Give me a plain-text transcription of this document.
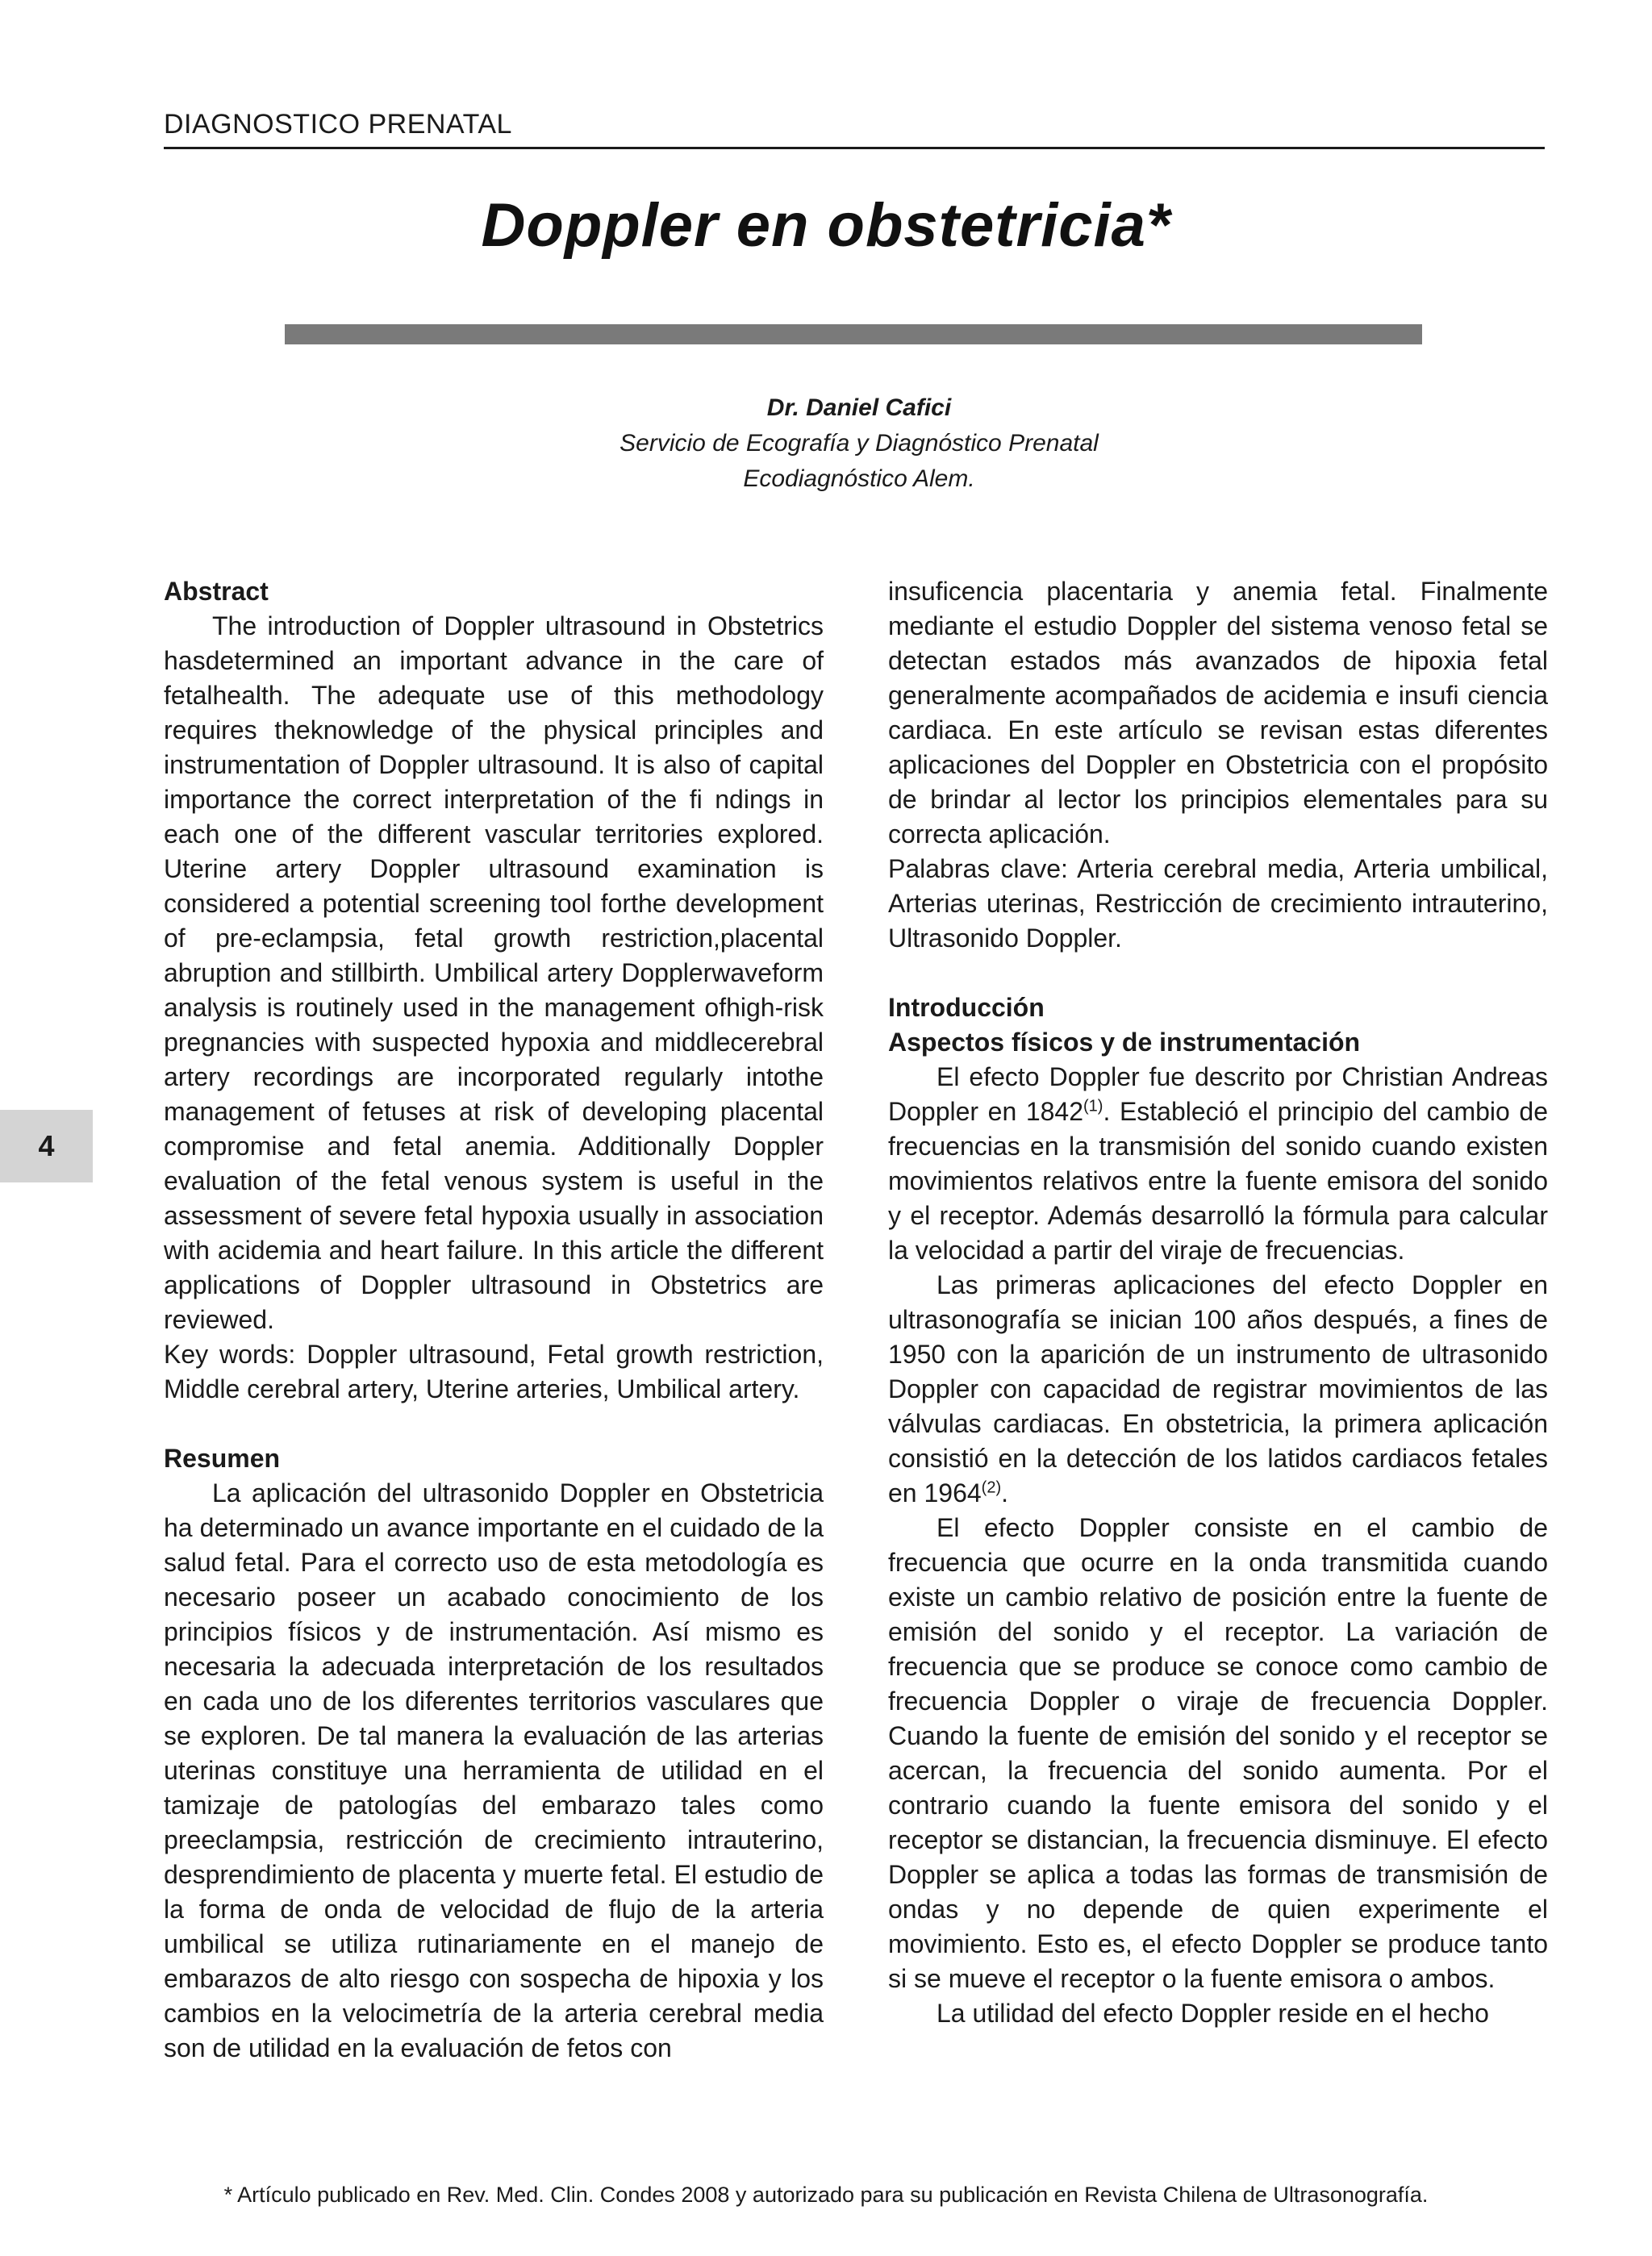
DIAGNOSTICO PRENATAL
Doppler en obstetricia*
Dr. Daniel Cafici
Servicio de Ecografía y Diagnóstico Prenatal
Ecodiagnóstico Alem.
4

Abstract

The introduction of Doppler ultrasound in Obstetrics hasdetermined an important advance in the care of fetalhealth. The adequate use of this methodology requires theknowledge of the physical principles and instrumentation of Doppler ultrasound. It is also of capital importance the correct interpretation of the fi ndings in each one of the different vascular territories explored. Uterine artery Doppler ultrasound examination is considered a potential screening tool forthe development of pre-eclampsia, fetal growth restriction,placental abruption and stillbirth. Umbilical artery Dopplerwaveform analysis is routinely used in the management ofhigh-risk pregnancies with suspected hypoxia and middlecerebral artery recordings are incorporated regularly intothe management of fetuses at risk of developing placental compromise and fetal anemia. Additionally Doppler evaluation of the fetal venous system is useful in the assessment of severe fetal hypoxia usually in association with acidemia and heart failure. In this article the different applications of Doppler ultrasound in Obstetrics are reviewed.

Key words: Doppler ultrasound, Fetal growth restriction, Middle cerebral artery, Uterine arteries, Umbilical artery.

Resumen

La aplicación del ultrasonido Doppler en Obstetricia ha determinado un avance importante en el cuidado de la salud fetal. Para el correcto uso de esta metodología es necesario poseer un acabado conocimiento de los principios físicos y de instrumentación. Así mismo es necesaria la adecuada interpretación de los resultados en cada uno de los diferentes territorios vasculares que se exploren. De tal manera la evaluación de las arterias uterinas constituye una herramienta de utilidad en el tamizaje de patologías del embarazo tales como preeclampsia, restricción de crecimiento intrauterino, desprendimiento de placenta y muerte fetal. El estudio de la forma de onda de velocidad de flujo de la arteria umbilical se utiliza rutinariamente en el manejo de embarazos de alto riesgo con sospecha de hipoxia y los cambios en la velocimetría de la arteria cerebral media son de utilidad en la evaluación de fetos con

insuficencia placentaria y anemia fetal. Finalmente mediante el estudio Doppler del sistema venoso fetal se detectan estados más avanzados de hipoxia fetal generalmente acompañados de acidemia e insufi ciencia cardiaca. En este artículo se revisan estas diferentes aplicaciones del Doppler en Obstetricia con el propósito de brindar al lector los principios elementales para su correcta aplicación.

Palabras clave: Arteria cerebral media, Arteria umbilical, Arterias uterinas, Restricción de crecimiento intrauterino, Ultrasonido Doppler.

Introducción

Aspectos físicos y de instrumentación

El efecto Doppler fue descrito por Christian Andreas Doppler en 1842$^{(1)}$. Estableció el principio del cambio de frecuencias en la transmisión del sonido cuando existen movimientos relativos entre la fuente emisora del sonido y el receptor. Además desarrolló la fórmula para calcular la velocidad a partir del viraje de frecuencias.

Las primeras aplicaciones del efecto Doppler en ultrasonografía se inician 100 años después, a fines de 1950 con la aparición de un instrumento de ultrasonido Doppler con capacidad de registrar movimientos de las válvulas cardiacas. En obstetricia, la primera aplicación consistió en la detección de los latidos cardiacos fetales en 1964$^{(2)}$.

El efecto Doppler consiste en el cambio de frecuencia que ocurre en la onda transmitida cuando existe un cambio relativo de posición entre la fuente de emisión del sonido y el receptor. La variación de frecuencia que se produce se conoce como cambio de frecuencia Doppler o viraje de frecuencia Doppler. Cuando la fuente de emisión del sonido y el receptor se acercan, la frecuencia del sonido aumenta. Por el contrario cuando la fuente emisora del sonido y el receptor se distancian, la frecuencia disminuye. El efecto Doppler se aplica a todas las formas de transmisión de ondas y no depende de quien experimente el movimiento. Esto es, el efecto Doppler se produce tanto si se mueve el receptor o la fuente emisora o ambos.

La utilidad del efecto Doppler reside en el hecho

* Artículo publicado en Rev. Med. Clin. Condes 2008 y autorizado para su publicación en Revista Chilena de Ultrasonografía.
